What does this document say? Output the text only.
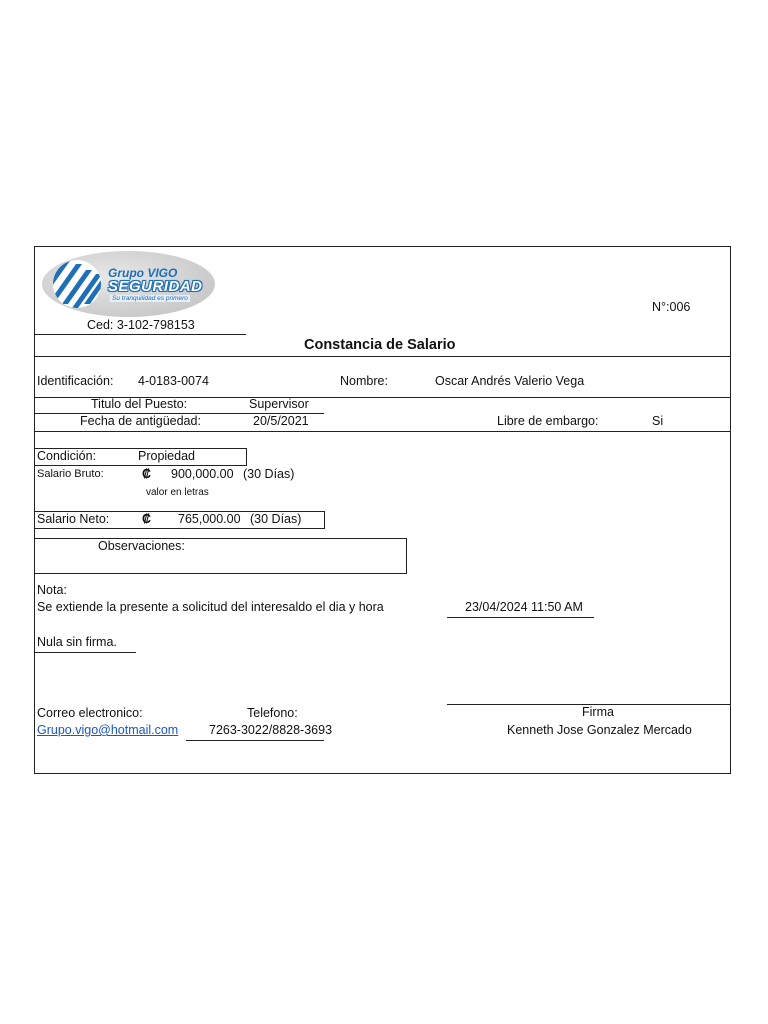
Grupo VIGO
SEGURIDAD
Su tranquilidad es primero
N°:006
Ced: 3-102-798153
Constancia de Salario
Identificación: 4-0183-0074	Nombre:	Oscar Andrés Valerio Vega
Titulo del Puesto:	Supervisor
Fecha de antigüedad:	20/5/2021	Libre de embargo:	Si
Condición:	Propiedad
Salario Bruto:	₡ 900,000.00 (30 Días)
valor en letras
Salario Neto:	₡ 765,000.00 (30 Días)
Observaciones:
Nota:
Se extiende la presente a solicitud del interesaldo el dia y hora	23/04/2024 11:50 AM
Nula sin firma.
Firma
Kenneth Jose Gonzalez Mercado
Correo electronico:	Telefono:
Grupo.vigo@hotmail.com 7263-3022/8828-3693
